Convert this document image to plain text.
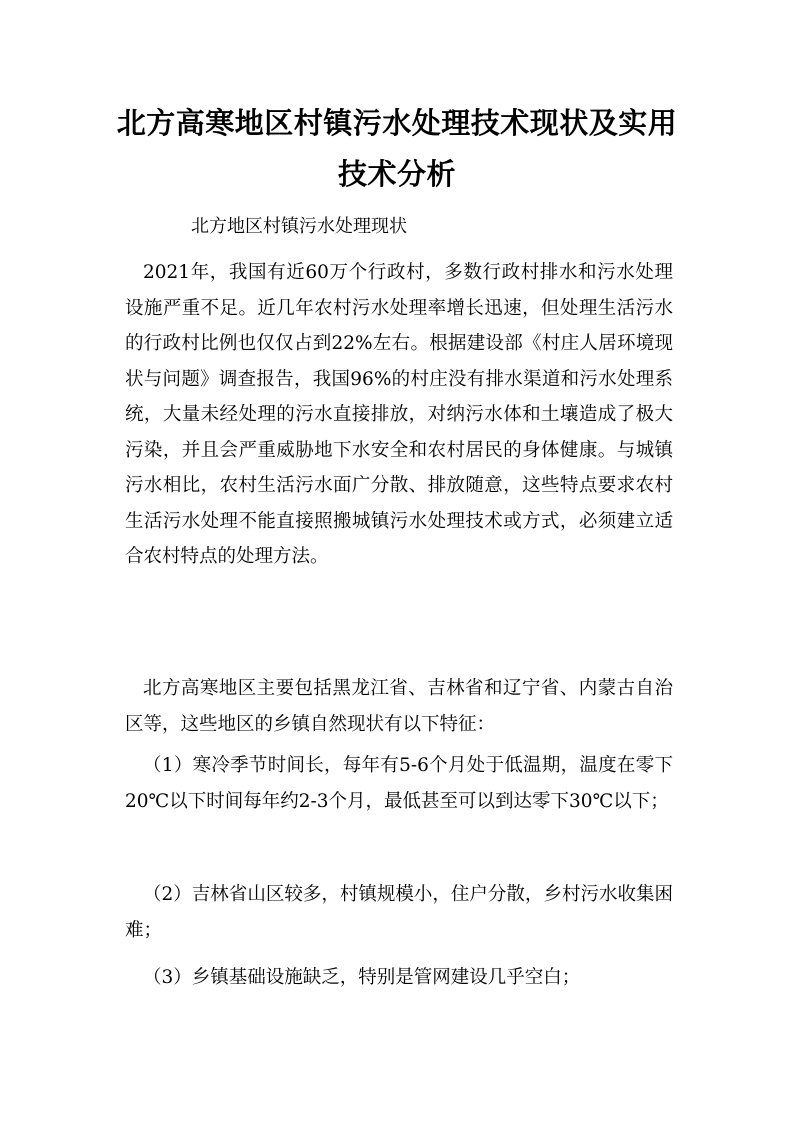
北方高寒地区村镇污水处理技术现状及实用技术分析
北方地区村镇污水处理现状
2021年，我国有近60万个行政村，多数行政村排水和污水处理设施严重不足。近几年农村污水处理率增长迅速，但处理生活污水的行政村比例也仅仅占到22%左右。根据建设部《村庄人居环境现状与问题》调查报告，我国96%的村庄没有排水渠道和污水处理系统，大量未经处理的污水直接排放，对纳污水体和土壤造成了极大污染，并且会严重威胁地下水安全和农村居民的身体健康。与城镇污水相比，农村生活污水面广分散、排放随意，这些特点要求农村生活污水处理不能直接照搬城镇污水处理技术或方式，必须建立适合农村特点的处理方法。
北方高寒地区主要包括黑龙江省、吉林省和辽宁省、内蒙古自治区等，这些地区的乡镇自然现状有以下特征：
（1）寒冷季节时间长，每年有5-6个月处于低温期，温度在零下20℃以下时间每年约2-3个月，最低甚至可以到达零下30℃以下；
（2）吉林省山区较多，村镇规模小，住户分散，乡村污水收集困难；
（3）乡镇基础设施缺乏，特别是管网建设几乎空白；
